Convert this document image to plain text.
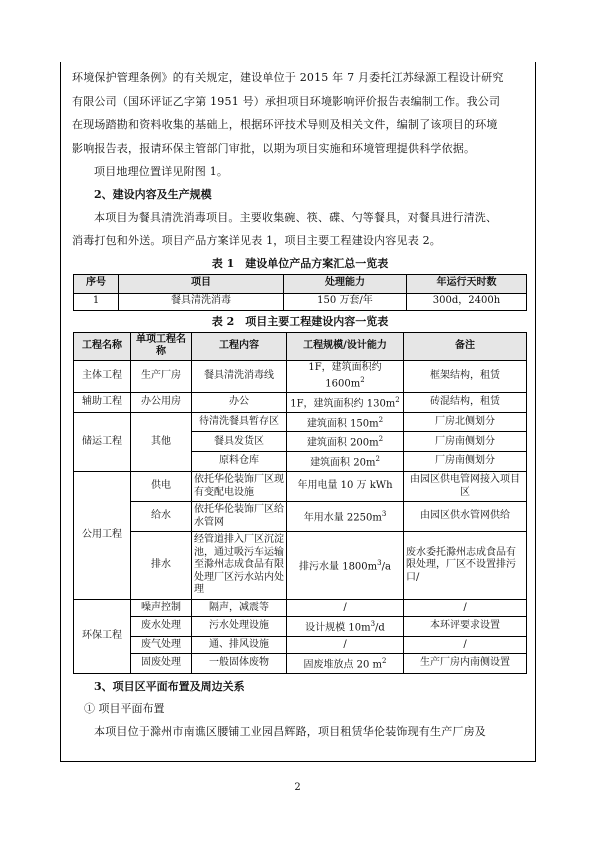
环境保护管理条例》的有关规定，建设单位于 2015 年 7 月委托江苏绿源工程设计研究

有限公司（国环评证乙字第 1951 号）承担项目环境影响评价报告表编制工作。我公司

在现场踏勘和资料收集的基础上，根据环评技术导则及相关文件，编制了该项目的环境

影响报告表，报请环保主管部门审批，以期为项目实施和环境管理提供科学依据。

项目地理位置详见附图 1。

2、建设内容及生产规模

本项目为餐具清洗消毒项目。主要收集碗、筷、碟、勺等餐具，对餐具进行清洗、

消毒打包和外送。项目产品方案详见表 1，项目主要工程建设内容见表 2。

表 1　建设单位产品方案汇总一览表
序号	项目	处理能力	年运行天时数
1	餐具清洗消毒	150 万套/年	300d，2400h
表 2　项目主要工程建设内容一览表
工程名称	单项工程名称	工程内容	工程规模/设计能力	备注
主体工程	生产厂房	餐具清洗消毒线	1F，建筑面积约 $1600m^2$	框架结构，租赁
辅助工程	办公用房	办公	1F，建筑面积约 $130m^2$	砖混结构，租赁
储运工程	其他	待清洗餐具暂存区	建筑面积 $150m^2$	厂房北侧划分
		餐具发货区	建筑面积 $200m^2$	厂房南侧划分
		原料仓库	建筑面积 $20m^2$	厂房南侧划分
公用工程	供电	依托华伦装饰厂区现有变配电设施	年用电量 10 万 kWh	由园区供电管网接入项目区
	给水	依托华伦装饰厂区给水管网	年用水量 $2250m^3$	由园区供水管网供给
	排水	经管道排入厂区沉淀池，通过吸污车运输至滁州志成食品有限处理厂区污水站内处理	排污水量 $1800m^3/a$	废水委托滁州志成食品有限处理，厂区不设置排污口/
环保工程	噪声控制	隔声，减震等	/	/
	废水处理	污水处理设施	设计规模 $10m^3/d$	本环评要求设置
	废气处理	通、排风设施	/	/
	固废处理	一般固体废物	固废堆放点 20 $m^2$	生产厂房内南侧设置

3、项目区平面布置及周边关系

① 项目平面布置

本项目位于滁州市南谯区腰铺工业园昌辉路，项目租赁华伦装饰现有生产厂房及

2
